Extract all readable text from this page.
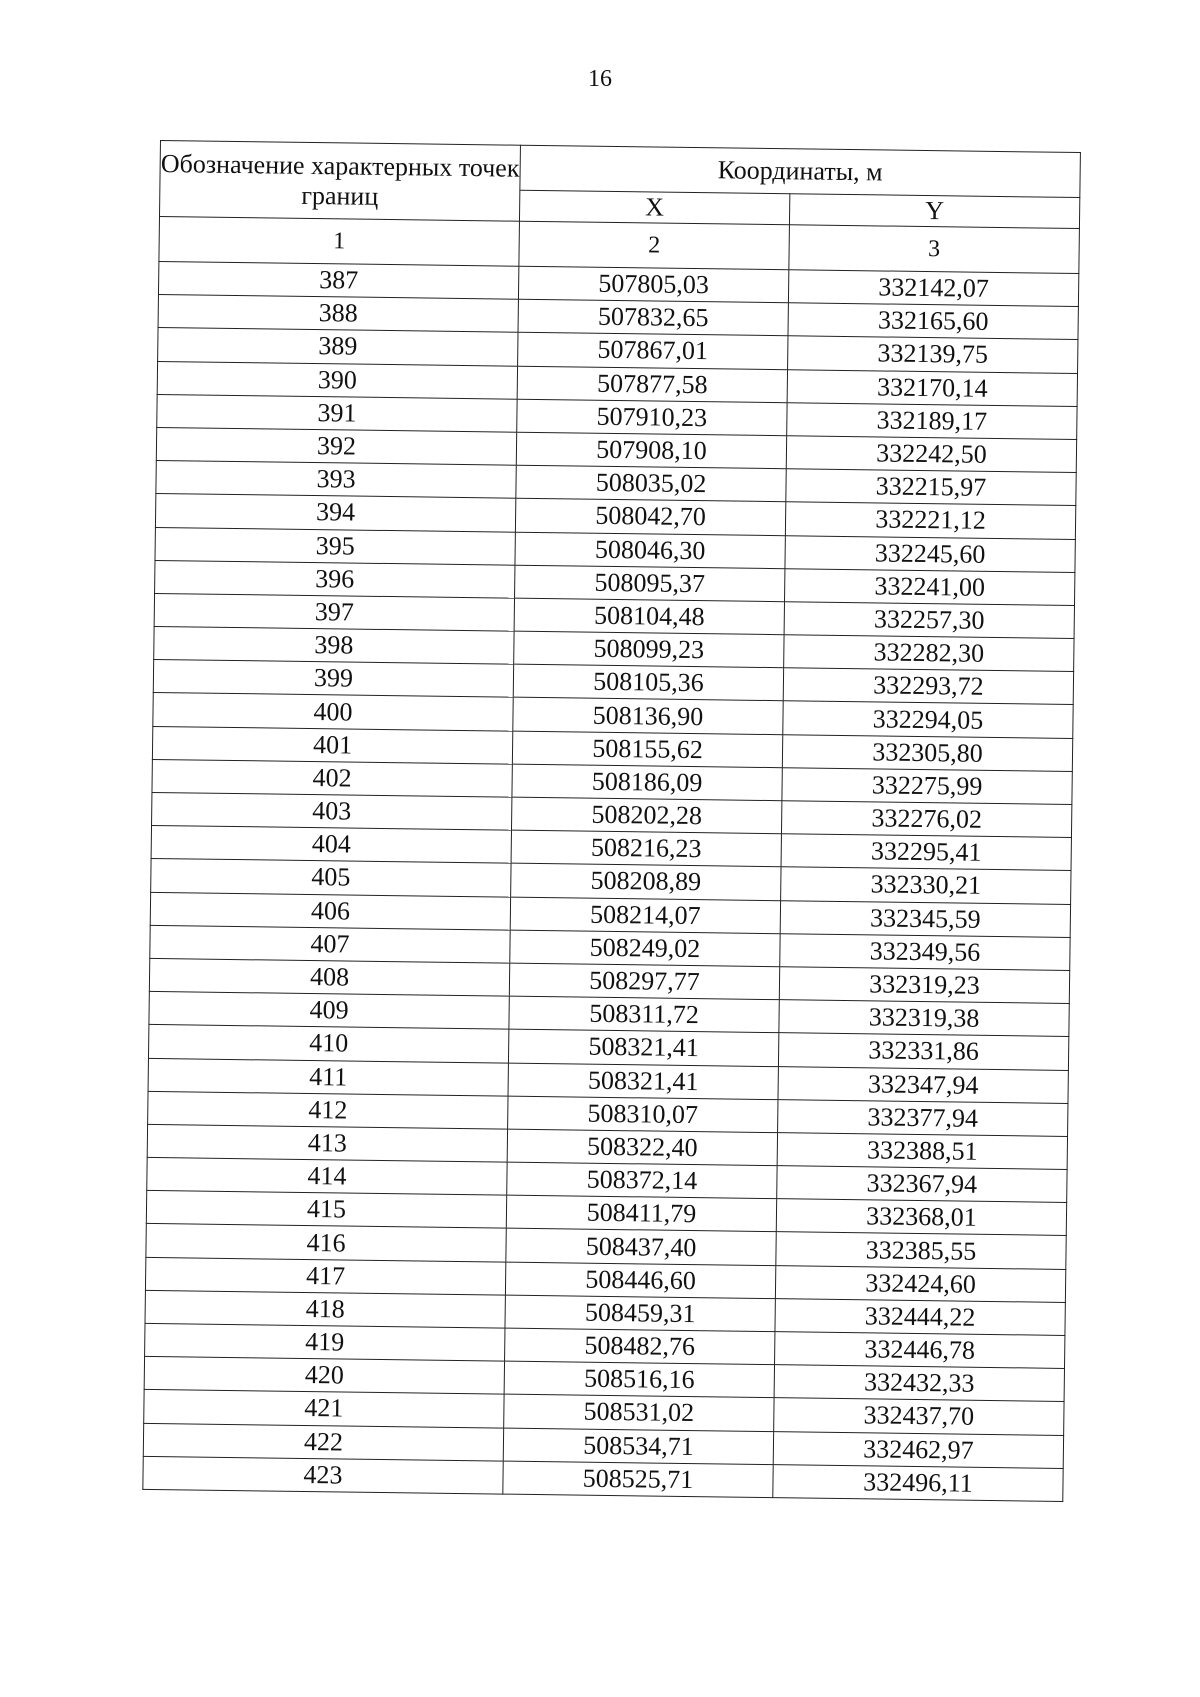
16
Обозначение характерных точек границ	Координаты, м	
	X	Y
1	2	3
387	507805,03	332142,07
388	507832,65	332165,60
389	507867,01	332139,75
390	507877,58	332170,14
391	507910,23	332189,17
392	507908,10	332242,50
393	508035,02	332215,97
394	508042,70	332221,12
395	508046,30	332245,60
396	508095,37	332241,00
397	508104,48	332257,30
398	508099,23	332282,30
399	508105,36	332293,72
400	508136,90	332294,05
401	508155,62	332305,80
402	508186,09	332275,99
403	508202,28	332276,02
404	508216,23	332295,41
405	508208,89	332330,21
406	508214,07	332345,59
407	508249,02	332349,56
408	508297,77	332319,23
409	508311,72	332319,38
410	508321,41	332331,86
411	508321,41	332347,94
412	508310,07	332377,94
413	508322,40	332388,51
414	508372,14	332367,94
415	508411,79	332368,01
416	508437,40	332385,55
417	508446,60	332424,60
418	508459,31	332444,22
419	508482,76	332446,78
420	508516,16	332432,33
421	508531,02	332437,70
422	508534,71	332462,97
423	508525,71	332496,11
